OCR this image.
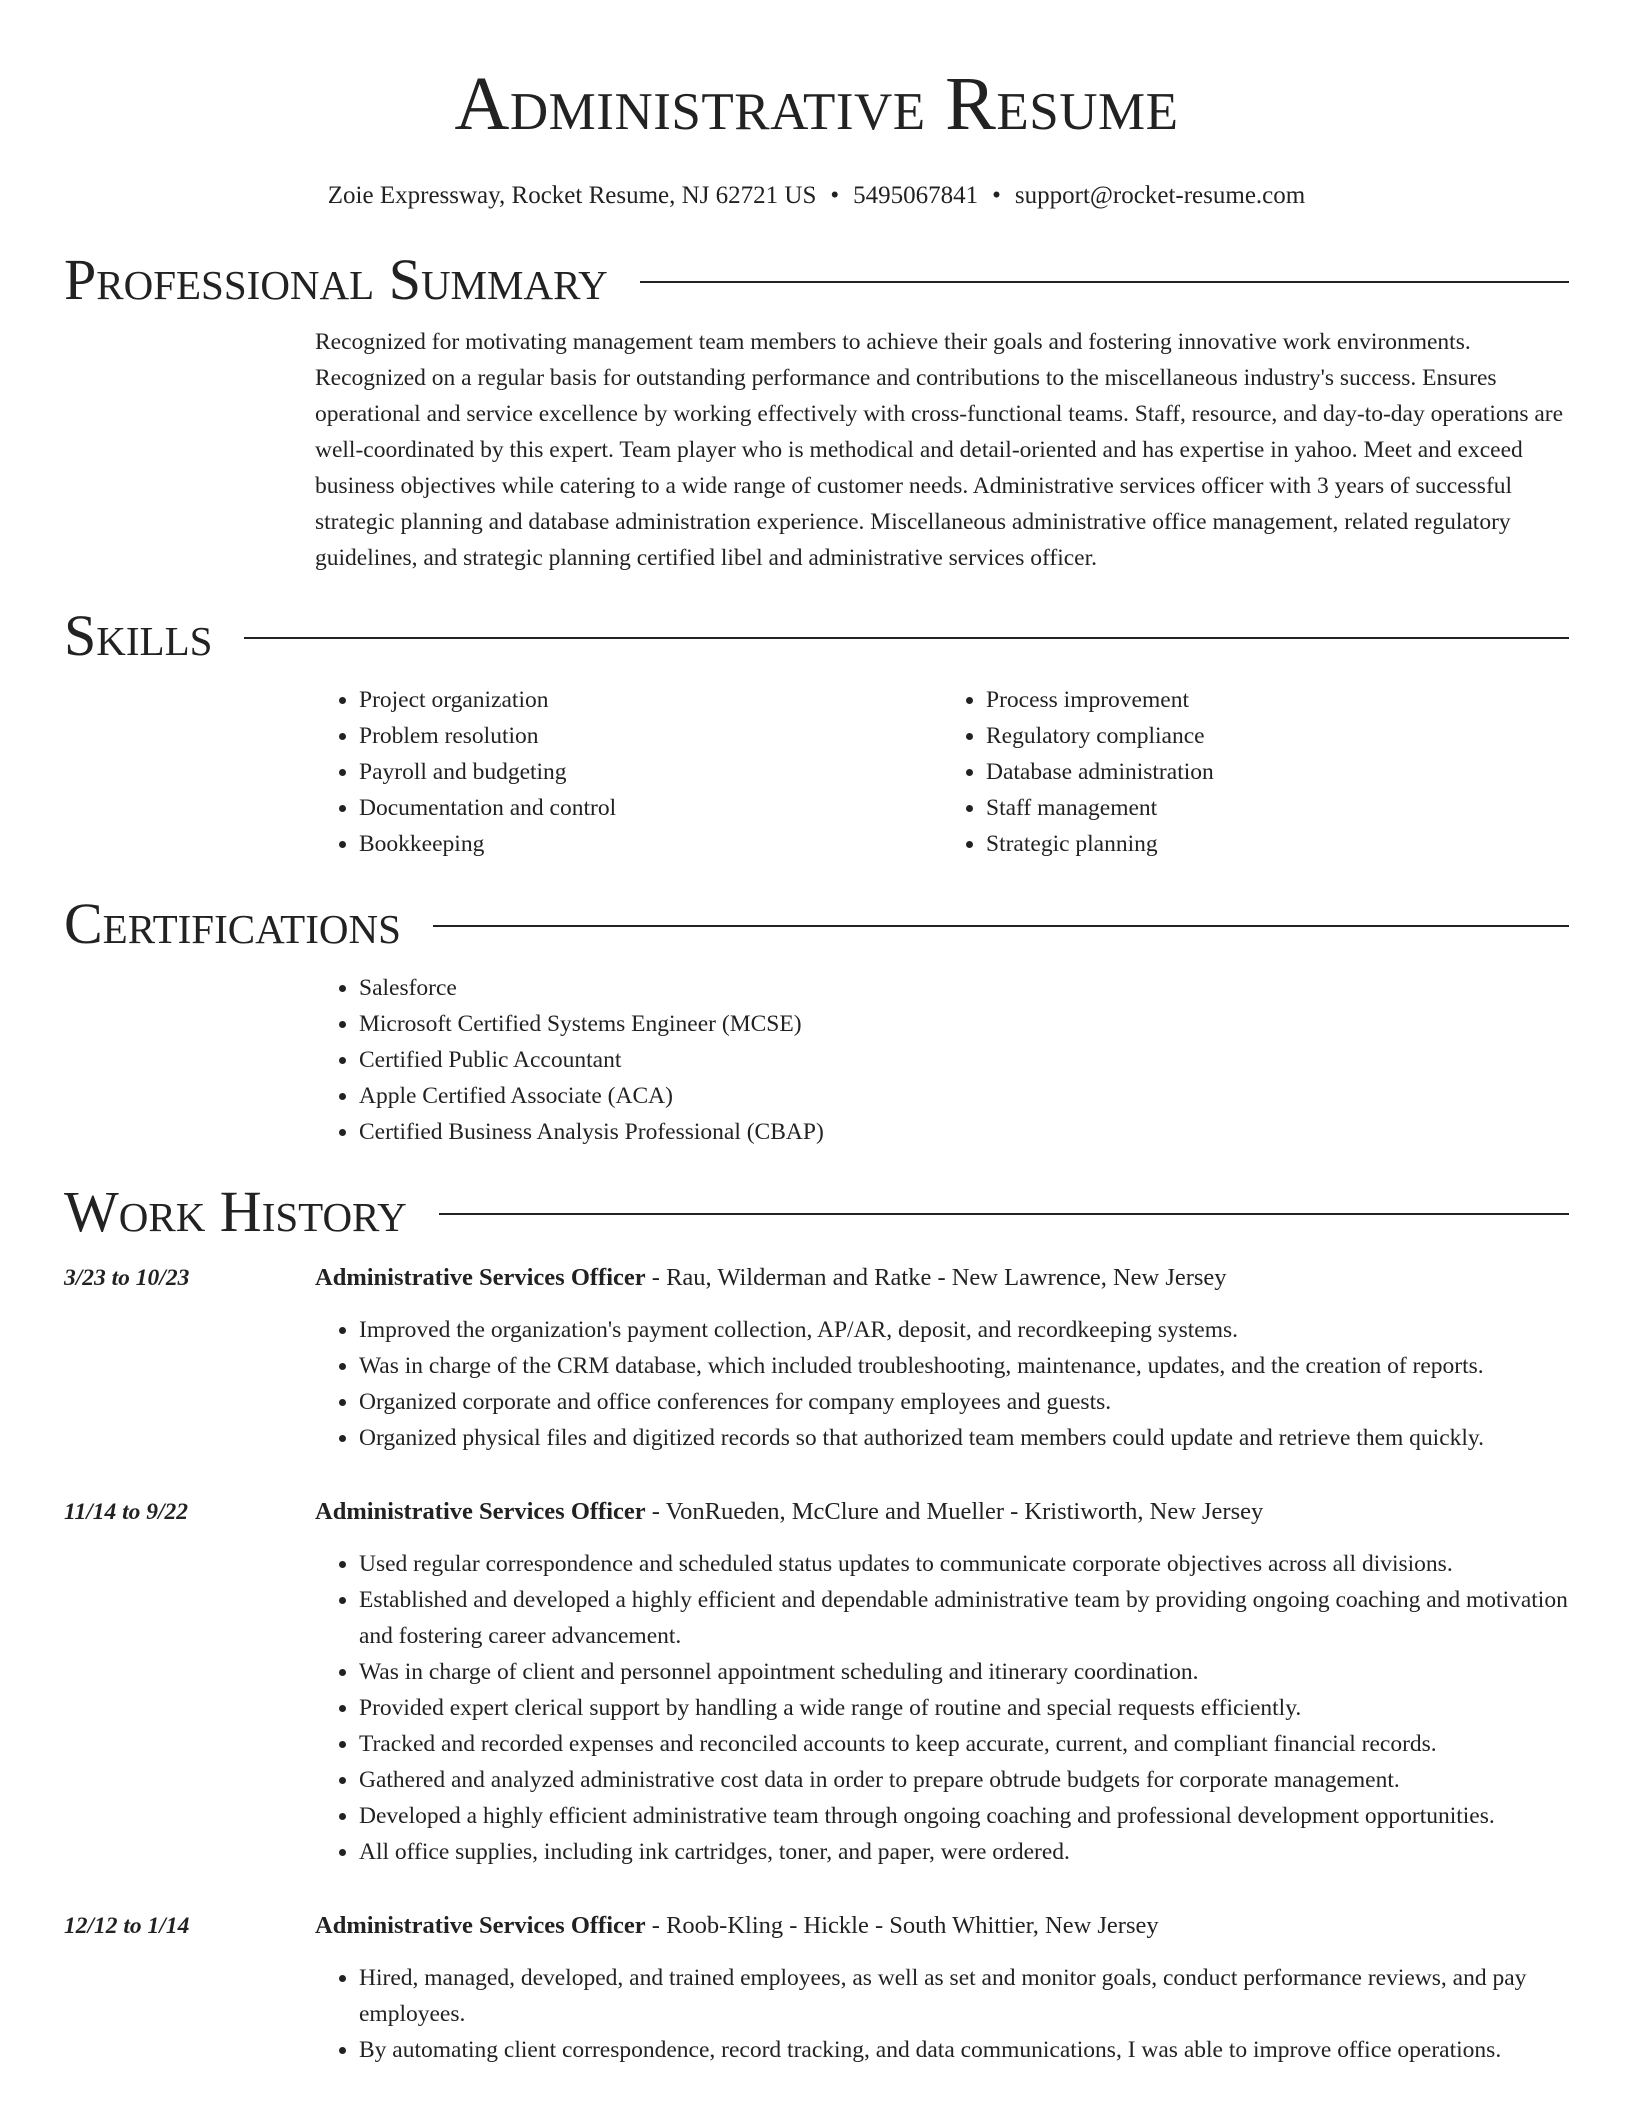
Administrative Resume
Zoie Expressway, Rocket Resume, NJ 62721 US • 5495067841 • support@rocket-resume.com
Professional Summary

Recognized for motivating management team members to achieve their goals and fostering innovative work environments. Recognized on a regular basis for outstanding performance and contributions to the miscellaneous industry's success. Ensures operational and service excellence by working effectively with cross-functional teams. Staff, resource, and day-to-day operations are well-coordinated by this expert. Team player who is methodical and detail-oriented and has expertise in yahoo. Meet and exceed business objectives while catering to a wide range of customer needs. Administrative services officer with 3 years of successful strategic planning and database administration experience. Miscellaneous administrative office management, related regulatory guidelines, and strategic planning certified libel and administrative services officer.

Skills
• Project organization
• Problem resolution
• Payroll and budgeting
• Documentation and control
• Bookkeeping
• Process improvement
• Regulatory compliance
• Database administration
• Staff management
• Strategic planning
Certifications
• Salesforce
• Microsoft Certified Systems Engineer (MCSE)
• Certified Public Accountant
• Apple Certified Associate (ACA)
• Certified Business Analysis Professional (CBAP)
Work History
3/23 to 10/23	Administrative Services Officer - Rau, Wilderman and Ratke - New Lawrence, New Jersey
• Improved the organization's payment collection, AP/AR, deposit, and recordkeeping systems.
• Was in charge of the CRM database, which included troubleshooting, maintenance, updates, and the creation of reports.
• Organized corporate and office conferences for company employees and guests.
• Organized physical files and digitized records so that authorized team members could update and retrieve them quickly.
11/14 to 9/22	Administrative Services Officer - VonRueden, McClure and Mueller - Kristiworth, New Jersey
• Used regular correspondence and scheduled status updates to communicate corporate objectives across all divisions.
• Established and developed a highly efficient and dependable administrative team by providing ongoing coaching and motivation and fostering career advancement.
• Was in charge of client and personnel appointment scheduling and itinerary coordination.
• Provided expert clerical support by handling a wide range of routine and special requests efficiently.
• Tracked and recorded expenses and reconciled accounts to keep accurate, current, and compliant financial records.
• Gathered and analyzed administrative cost data in order to prepare obtrude budgets for corporate management.
• Developed a highly efficient administrative team through ongoing coaching and professional development opportunities.
• All office supplies, including ink cartridges, toner, and paper, were ordered.
12/12 to 1/14	Administrative Services Officer - Roob-Kling - Hickle - South Whittier, New Jersey
• Hired, managed, developed, and trained employees, as well as set and monitor goals, conduct performance reviews, and pay employees.
• By automating client correspondence, record tracking, and data communications, I was able to improve office operations.
